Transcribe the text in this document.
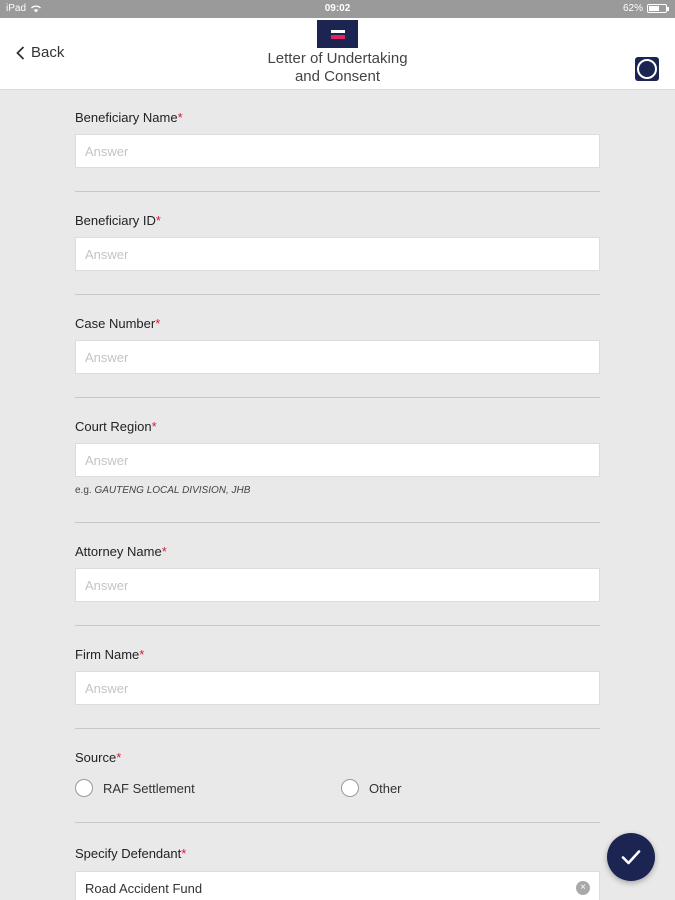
iPad	09:02	62%
Back	Letter of Undertaking
and Consent
Beneficiary Name*
Answer
Beneficiary ID*
Answer
Case Number*
Answer
Court Region*
Answer
e.g. GAUTENG LOCAL DIVISION, JHB
Attorney Name*
Answer
Firm Name*
Answer
Source*
RAF Settlement	Other
Specify Defendant*
Road Accident Fund
×
